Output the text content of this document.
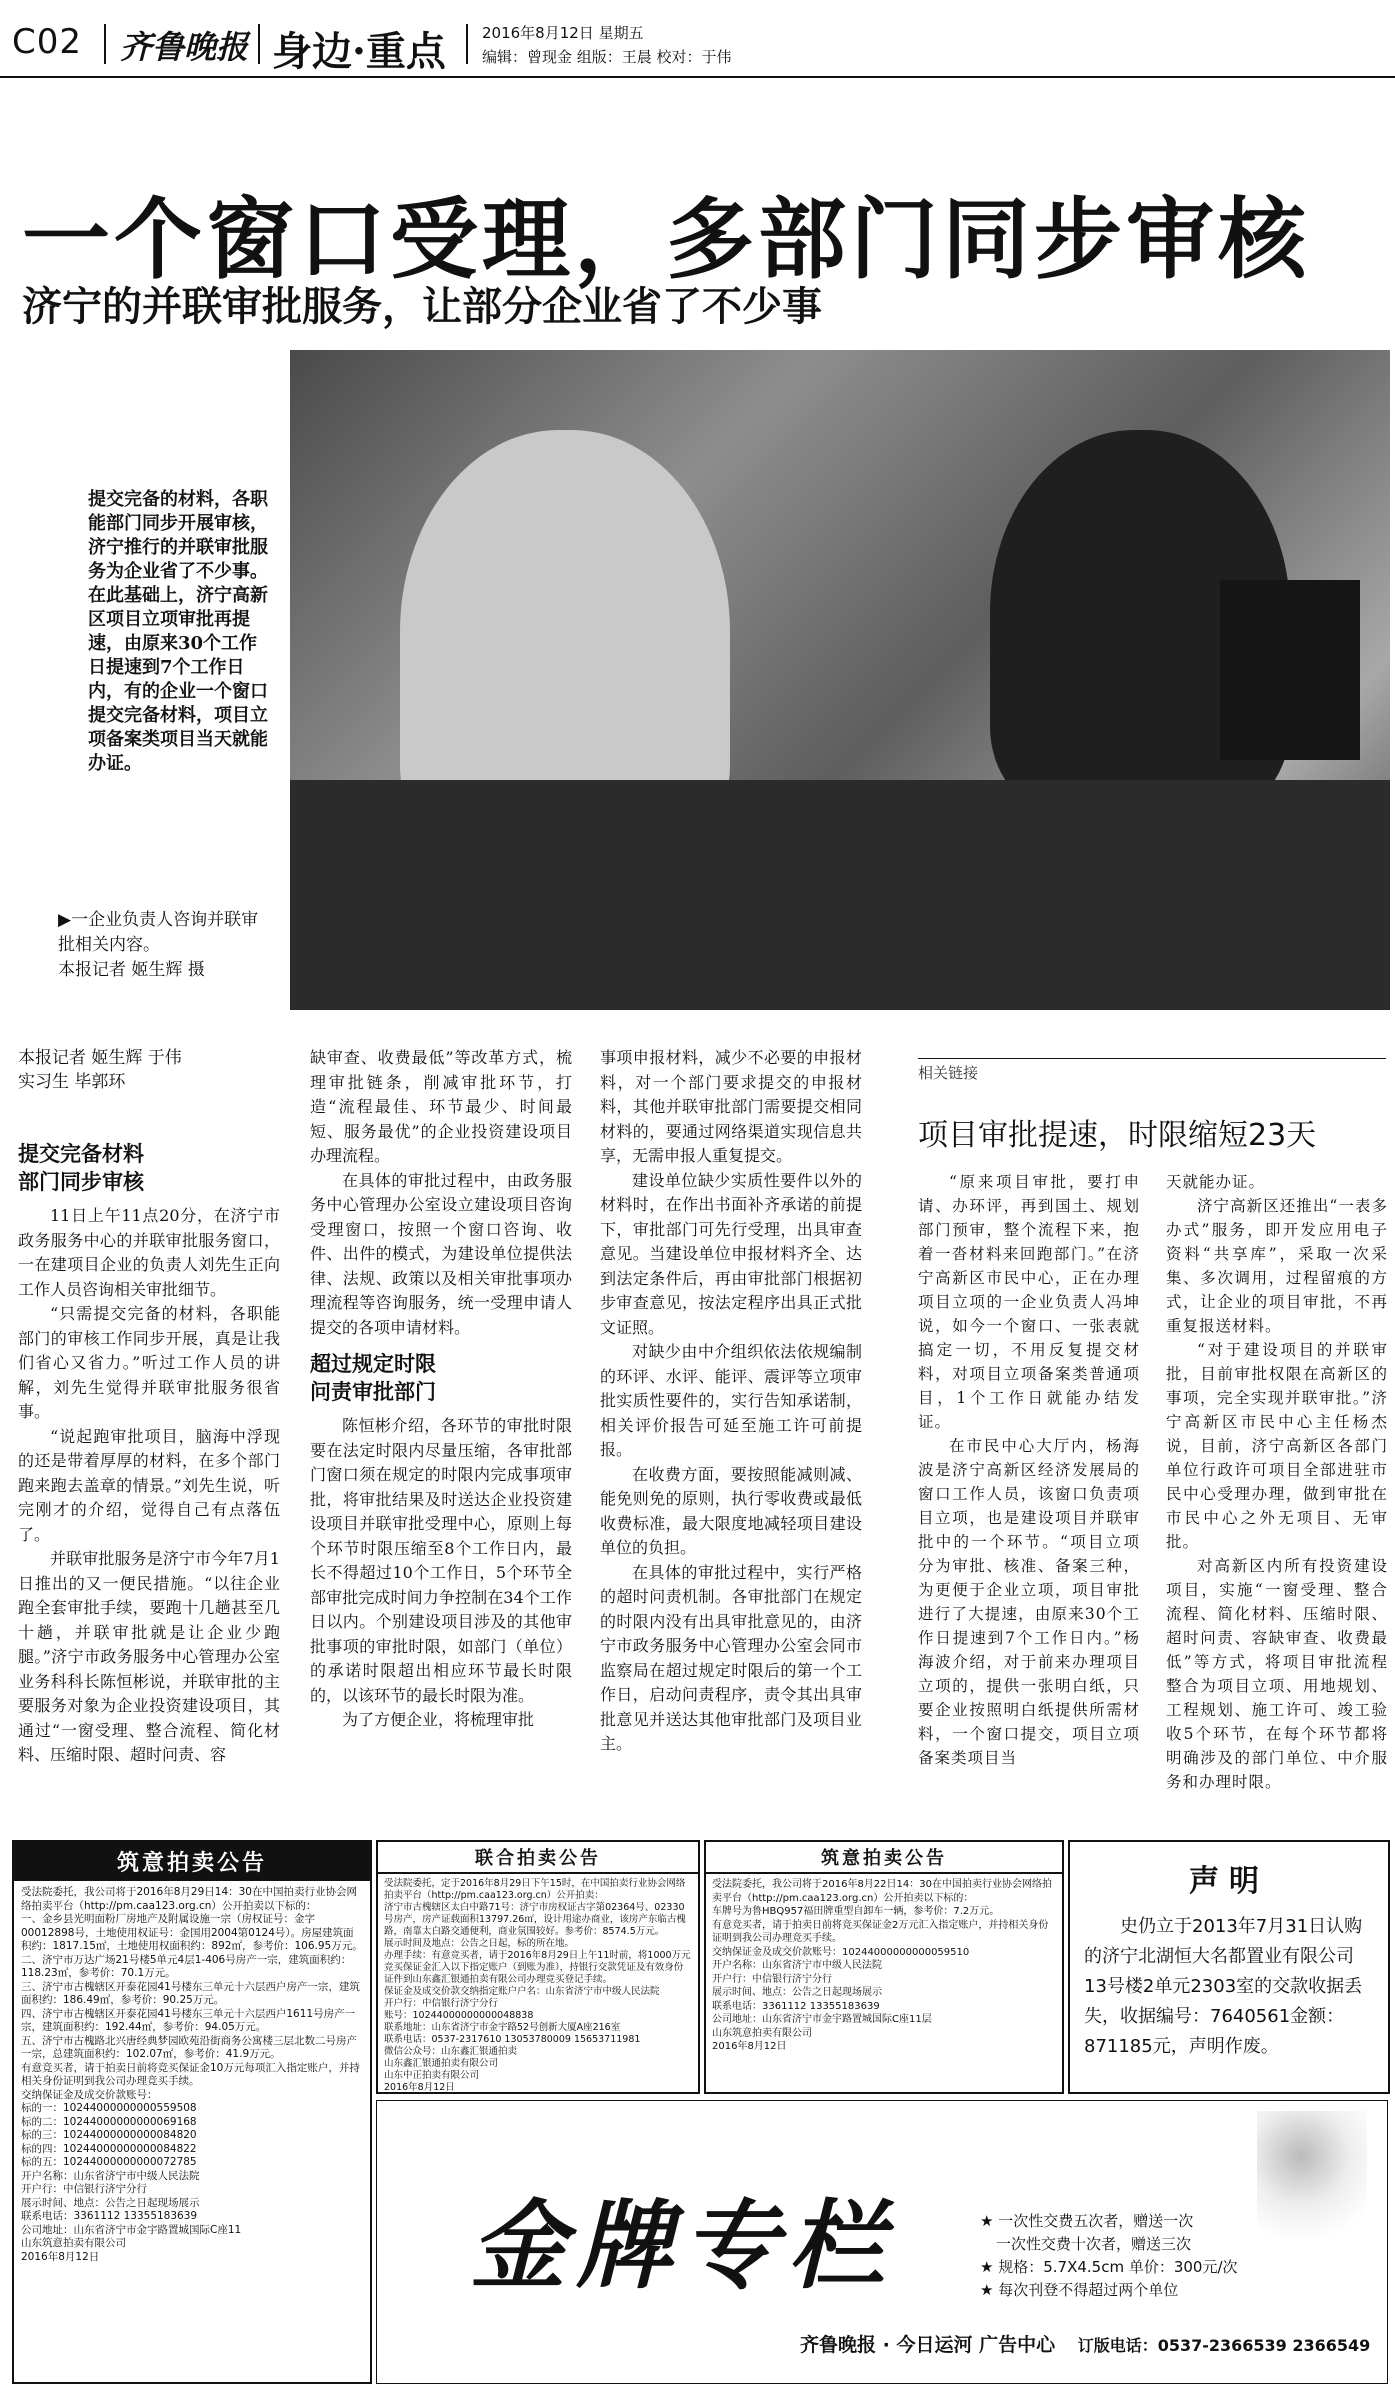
C02 齐鲁晚报 身边·重点 2016年8月12日 星期五
编辑：曾现金 组版：王晨 校对：于伟
一个窗口受理，多部门同步审核
济宁的并联审批服务，让部分企业省了不少事
提交完备的材料，各职能部门同步开展审核，济宁推行的并联审批服务为企业省了不少事。在此基础上，济宁高新区项目立项审批再提速，由原来30个工作日提速到7个工作日内，有的企业一个窗口提交完备材料，项目立项备案类项目当天就能办证。
▶一企业负责人咨询并联审批相关内容。
本报记者 姬生辉 摄
本报记者 姬生辉 于伟
实习生 毕郭环
提交完备材料
部门同步审核

11日上午11点20分，在济宁市政务服务中心的并联审批服务窗口，一在建项目企业的负责人刘先生正向工作人员咨询相关审批细节。

“只需提交完备的材料，各职能部门的审核工作同步开展，真是让我们省心又省力。”听过工作人员的讲解，刘先生觉得并联审批服务很省事。

“说起跑审批项目，脑海中浮现的还是带着厚厚的材料，在多个部门跑来跑去盖章的情景。”刘先生说，听完刚才的介绍，觉得自己有点落伍了。

并联审批服务是济宁市今年7月1日推出的又一便民措施。“以往企业跑全套审批手续，要跑十几趟甚至几十趟，并联审批就是让企业少跑腿。”济宁市政务服务中心管理办公室业务科科长陈恒彬说，并联审批的主要服务对象为企业投资建设项目，其通过“一窗受理、整合流程、简化材料、压缩时限、超时问责、容

缺审查、收费最低”等改革方式，梳理审批链条，削减审批环节，打造“流程最佳、环节最少、时间最短、服务最优”的企业投资建设项目办理流程。

在具体的审批过程中，由政务服务中心管理办公室设立建设项目咨询受理窗口，按照一个窗口咨询、收件、出件的模式，为建设单位提供法律、法规、政策以及相关审批事项办理流程等咨询服务，统一受理申请人提交的各项申请材料。

超过规定时限
问责审批部门

陈恒彬介绍，各环节的审批时限要在法定时限内尽量压缩，各审批部门窗口须在规定的时限内完成事项审批，将审批结果及时送达企业投资建设项目并联审批受理中心，原则上每个环节时限压缩至8个工作日内，最长不得超过10个工作日，5个环节全部审批完成时间力争控制在34个工作日以内。个别建设项目涉及的其他审批事项的审批时限，如部门（单位）的承诺时限超出相应环节最长时限的，以该环节的最长时限为准。

为了方便企业，将梳理审批

事项申报材料，减少不必要的申报材料，对一个部门要求提交的申报材料，其他并联审批部门需要提交相同材料的，要通过网络渠道实现信息共享，无需申报人重复提交。

建设单位缺少实质性要件以外的材料时，在作出书面补齐承诺的前提下，审批部门可先行受理，出具审查意见。当建设单位申报材料齐全、达到法定条件后，再由审批部门根据初步审查意见，按法定程序出具正式批文证照。

对缺少由中介组织依法依规编制的环评、水评、能评、震评等立项审批实质性要件的，实行告知承诺制，相关评价报告可延至施工许可前提报。

在收费方面，要按照能减则减、能免则免的原则，执行零收费或最低收费标准，最大限度地减轻项目建设单位的负担。

在具体的审批过程中，实行严格的超时问责机制。各审批部门在规定的时限内没有出具审批意见的，由济宁市政务服务中心管理办公室会同市监察局在超过规定时限后的第一个工作日，启动问责程序，责令其出具审批意见并送达其他审批部门及项目业主。

相关链接
项目审批提速，时限缩短23天

“原来项目审批，要打申请、办环评，再到国土、规划部门预审，整个流程下来，抱着一沓材料来回跑部门。”在济宁高新区市民中心，正在办理项目立项的一企业负责人冯坤说，如今一个窗口、一张表就搞定一切，不用反复提交材料，对项目立项备案类普通项目，1个工作日就能办结发证。

在市民中心大厅内，杨海波是济宁高新区经济发展局的窗口工作人员，该窗口负责项目立项，也是建设项目并联审批中的一个环节。“项目立项分为审批、核准、备案三种，为更便于企业立项，项目审批进行了大提速，由原来30个工作日提速到7个工作日内。”杨海波介绍，对于前来办理项目立项的，提供一张明白纸，只要企业按照明白纸提供所需材料，一个窗口提交，项目立项备案类项目当

天就能办证。

济宁高新区还推出“一表多办式”服务，即开发应用电子资料“共享库”，采取一次采集、多次调用，过程留痕的方式，让企业的项目审批，不再重复报送材料。

“对于建设项目的并联审批，目前审批权限在高新区的事项，完全实现并联审批。”济宁高新区市民中心主任杨杰说，目前，济宁高新区各部门单位行政许可项目全部进驻市民中心受理办理，做到审批在市民中心之外无项目、无审批。

对高新区内所有投资建设项目，实施“一窗受理、整合流程、简化材料、压缩时限、超时问责、容缺审查、收费最低”等方式，将项目审批流程整合为项目立项、用地规划、工程规划、施工许可、竣工验收5个环节，在每个环节都将明确涉及的部门单位、中介服务和办理时限。

筑意拍卖公告
受法院委托，我公司将于2016年8月29日14：30在中国拍卖行业协会网络拍卖平台（http://pm.caa123.org.cn）公开拍卖以下标的：
一、金乡县光明面粉厂房地产及附属设施一宗（房权证号：金字00012898号，土地使用权证号：金国用2004第0124号）。房屋建筑面积约：1817.15㎡，土地使用权面积约：892㎡，参考价：106.95万元。
二、济宁市万达广场21号楼5单元4层1-406号房产一宗，建筑面积约：118.23㎡，参考价：70.1万元。
三、济宁市古槐辖区开泰花园41号楼东三单元十六层西户房产一宗，建筑面积约：186.49㎡，参考价：90.25万元。
四、济宁市古槐辖区开泰花园41号楼东三单元十六层西户1611号房产一宗，建筑面积约：192.44㎡，参考价：94.05万元。
五、济宁市古槐路北兴唐经典梦园欧苑沿街商务公寓楼三层北数二号房产一宗，总建筑面积约：102.07㎡，参考价：41.9万元。
有意竞买者，请于拍卖日前将竞买保证金10万元每项汇入指定账户，并持相关身份证明到我公司办理竞买手续。
交纳保证金及成交价款账号：
标的一：10244000000000559508
标的二：10244000000000069168
标的三：10244000000000084820
标的四：10244000000000084822
标的五：10244000000000072785
开户名称：山东省济宁市中级人民法院
开户行：中信银行济宁分行
展示时间、地点：公告之日起现场展示
联系电话：3361112 13355183639
公司地址：山东省济宁市金宇路置城国际C座11
山东筑意拍卖有限公司
2016年8月12日
联合拍卖公告
受法院委托，定于2016年8月29日下午15时，在中国拍卖行业协会网络拍卖平台（http://pm.caa123.org.cn）公开拍卖：
济宁市古槐辖区太白中路71号：济宁市房权证古字第02364号、02330号房产，房产证载面积13797.26㎡，设计用途办商业，该房产东临古槐路，南靠太白路交通便利，商业氛围较好。参考价：8574.5万元。
展示时间及地点：公告之日起，标的所在地。
办理手续：有意竞买者，请于2016年8月29日上午11时前，将1000万元竞买保证金汇入以下指定账户（到账为准），持银行交款凭证及有效身份证件到山东鑫汇银通拍卖有限公司办理竞买登记手续。
保证金及成交价款交纳指定账户户名：山东省济宁市中级人民法院
开户行：中信银行济宁分行
账号：10244000000000048838
联系地址：山东省济宁市金宇路52号创新大厦A座216室
联系电话：0537-2317610 13053780009 15653711981
微信公众号：山东鑫汇银通拍卖
山东鑫汇银通拍卖有限公司
山东中正拍卖有限公司
2016年8月12日
筑意拍卖公告
受法院委托，我公司将于2016年8月22日14：30在中国拍卖行业协会网络拍卖平台（http://pm.caa123.org.cn）公开拍卖以下标的：
车牌号为鲁HBQ957福田牌重型自卸车一辆，参考价：7.2万元。
有意竞买者，请于拍卖日前将竞买保证金2万元汇入指定账户，并持相关身份证明到我公司办理竞买手续。
交纳保证金及成交价款账号：10244000000000059510
开户名称：山东省济宁市中级人民法院
开户行：中信银行济宁分行
展示时间、地点：公告之日起现场展示
联系电话：3361112 13355183639
公司地址：山东省济宁市金宇路置城国际C座11层
山东筑意拍卖有限公司
2016年8月12日
声明
史仍立于2013年7月31日认购的济宁北湖恒大名都置业有限公司13号楼2单元2303室的交款收据丢失，收据编号：7640561金额：871185元，声明作废。
金牌专栏	★ 一次性交费五次者，赠送一次
一次性交费十次者，赠送三次
★ 规格：5.7X4.5cm 单价：300元/次
★ 每次刊登不得超过两个单位
齐鲁晚报 · 今日运河 广告中心 订版电话：0537-2366539 2366549
